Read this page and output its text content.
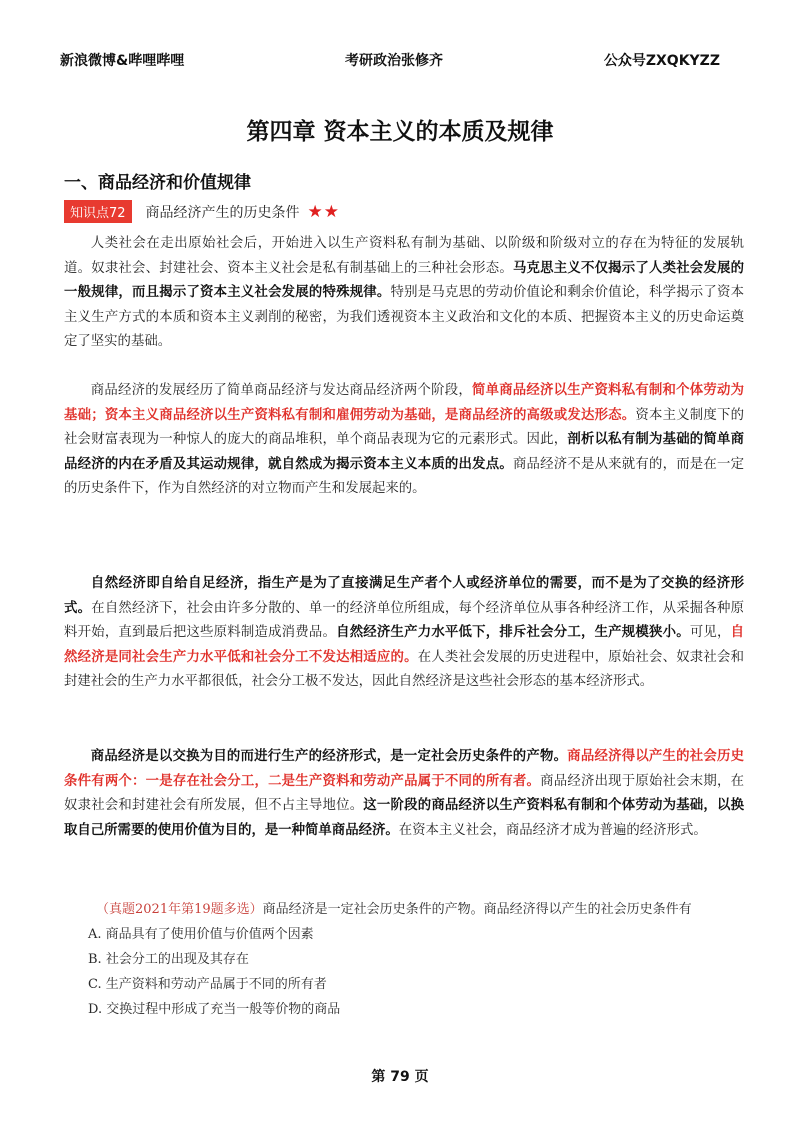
新浪微博&哔哩哔哩	考研政治张修齐	公众号ZXQKYZZ
第四章 资本主义的本质及规律
一、商品经济和价值规律
知识点72	商品经济产生的历史条件 ★★
人类社会在走出原始社会后，开始进入以生产资料私有制为基础、以阶级和阶级对立的存在为特征的发展轨道。奴隶社会、封建社会、资本主义社会是私有制基础上的三种社会形态。马克思主义不仅揭示了人类社会发展的一般规律，而且揭示了资本主义社会发展的特殊规律。特别是马克思的劳动价值论和剩余价值论，科学揭示了资本主义生产方式的本质和资本主义剥削的秘密，为我们透视资本主义政治和文化的本质、把握资本主义的历史命运奠定了坚实的基础。
商品经济的发展经历了简单商品经济与发达商品经济两个阶段，简单商品经济以生产资料私有制和个体劳动为基础；资本主义商品经济以生产资料私有制和雇佣劳动为基础，是商品经济的高级或发达形态。资本主义制度下的社会财富表现为一种惊人的庞大的商品堆积，单个商品表现为它的元素形式。因此，剖析以私有制为基础的简单商品经济的内在矛盾及其运动规律，就自然成为揭示资本主义本质的出发点。商品经济不是从来就有的，而是在一定的历史条件下，作为自然经济的对立物而产生和发展起来的。
自然经济即自给自足经济，指生产是为了直接满足生产者个人或经济单位的需要，而不是为了交换的经济形式。在自然经济下，社会由许多分散的、单一的经济单位所组成，每个经济单位从事各种经济工作，从采掘各种原料开始，直到最后把这些原料制造成消费品。自然经济生产力水平低下，排斥社会分工，生产规模狭小。可见，自然经济是同社会生产力水平低和社会分工不发达相适应的。在人类社会发展的历史进程中，原始社会、奴隶社会和封建社会的生产力水平都很低，社会分工极不发达，因此自然经济是这些社会形态的基本经济形式。
商品经济是以交换为目的而进行生产的经济形式，是一定社会历史条件的产物。商品经济得以产生的社会历史条件有两个：一是存在社会分工，二是生产资料和劳动产品属于不同的所有者。商品经济出现于原始社会末期，在奴隶社会和封建社会有所发展，但不占主导地位。这一阶段的商品经济以生产资料私有制和个体劳动为基础，以换取自己所需要的使用价值为目的，是一种简单商品经济。在资本主义社会，商品经济才成为普遍的经济形式。
（真题2021年第19题多选）商品经济是一定社会历史条件的产物。商品经济得以产生的社会历史条件有
A. 商品具有了使用价值与价值两个因素
B. 社会分工的出现及其存在
C. 生产资料和劳动产品属于不同的所有者
D. 交换过程中形成了充当一般等价物的商品
第 79 页
